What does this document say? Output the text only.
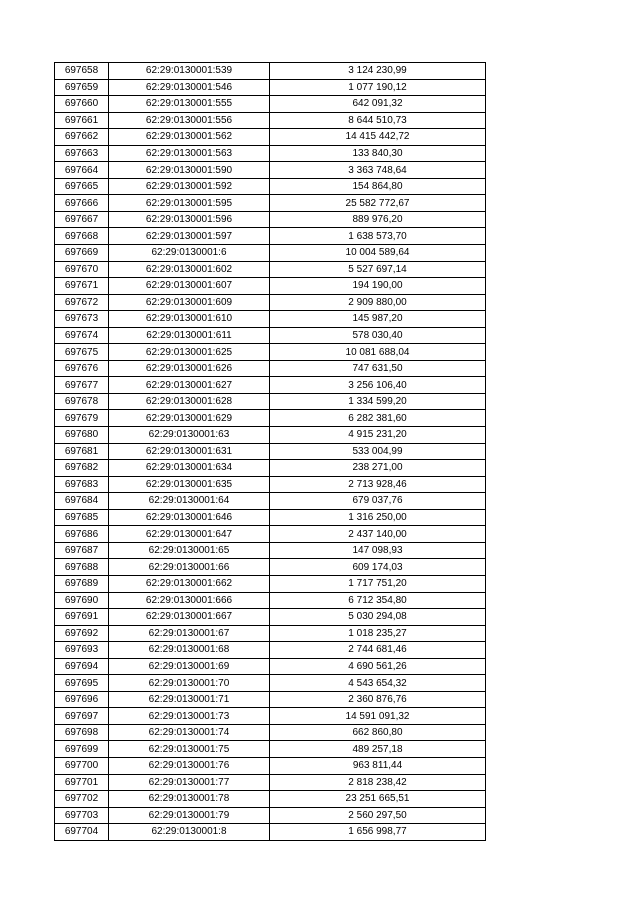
697658	62:29:0130001:539	3 124 230,99
697659	62:29:0130001:546	1 077 190,12
697660	62:29:0130001:555	642 091,32
697661	62:29:0130001:556	8 644 510,73
697662	62:29:0130001:562	14 415 442,72
697663	62:29:0130001:563	133 840,30
697664	62:29:0130001:590	3 363 748,64
697665	62:29:0130001:592	154 864,80
697666	62:29:0130001:595	25 582 772,67
697667	62:29:0130001:596	889 976,20
697668	62:29:0130001:597	1 638 573,70
697669	62:29:0130001:6	10 004 589,64
697670	62:29:0130001:602	5 527 697,14
697671	62:29:0130001:607	194 190,00
697672	62:29:0130001:609	2 909 880,00
697673	62:29:0130001:610	145 987,20
697674	62:29:0130001:611	578 030,40
697675	62:29:0130001:625	10 081 688,04
697676	62:29:0130001:626	747 631,50
697677	62:29:0130001:627	3 256 106,40
697678	62:29:0130001:628	1 334 599,20
697679	62:29:0130001:629	6 282 381,60
697680	62:29:0130001:63	4 915 231,20
697681	62:29:0130001:631	533 004,99
697682	62:29:0130001:634	238 271,00
697683	62:29:0130001:635	2 713 928,46
697684	62:29:0130001:64	679 037,76
697685	62:29:0130001:646	1 316 250,00
697686	62:29:0130001:647	2 437 140,00
697687	62:29:0130001:65	147 098,93
697688	62:29:0130001:66	609 174,03
697689	62:29:0130001:662	1 717 751,20
697690	62:29:0130001:666	6 712 354,80
697691	62:29:0130001:667	5 030 294,08
697692	62:29:0130001:67	1 018 235,27
697693	62:29:0130001:68	2 744 681,46
697694	62:29:0130001:69	4 690 561,26
697695	62:29:0130001:70	4 543 654,32
697696	62:29:0130001:71	2 360 876,76
697697	62:29:0130001:73	14 591 091,32
697698	62:29:0130001:74	662 860,80
697699	62:29:0130001:75	489 257,18
697700	62:29:0130001:76	963 811,44
697701	62:29:0130001:77	2 818 238,42
697702	62:29:0130001:78	23 251 665,51
697703	62:29:0130001:79	2 560 297,50
697704	62:29:0130001:8	1 656 998,77
